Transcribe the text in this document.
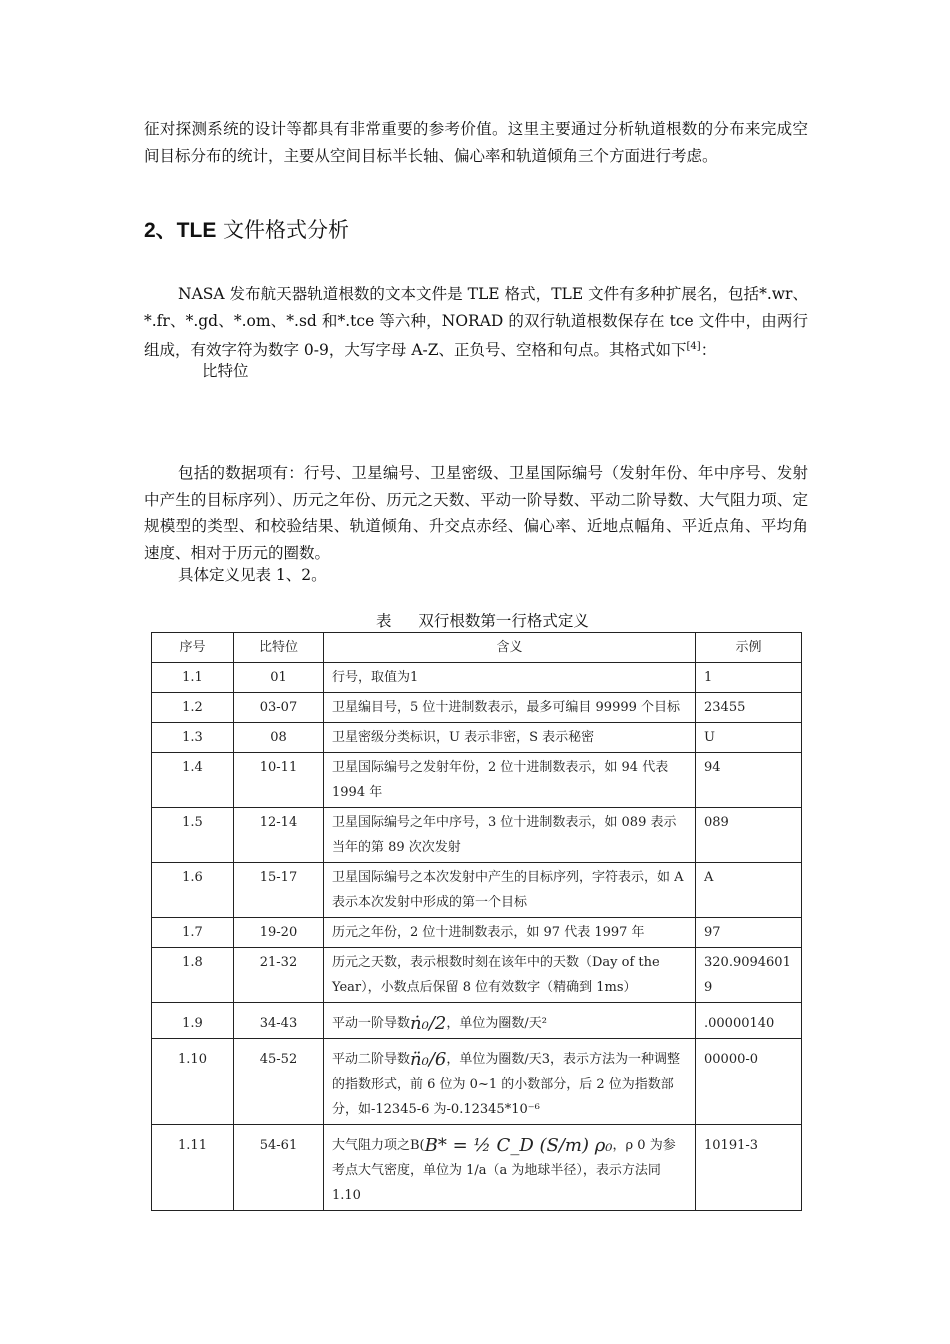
征对探测系统的设计等都具有非常重要的参考价值。这里主要通过分析轨道根数的分布来完成空间目标分布的统计，主要从空间目标半长轴、偏心率和轨道倾角三个方面进行考虑。

2、TLE 文件格式分析

NASA 发布航天器轨道根数的文本文件是 TLE 格式，TLE 文件有多种扩展名，包括*.wr、*.fr、*.gd、*.om、*.sd 和*.tce 等六种，NORAD 的双行轨道根数保存在 tce 文件中，由两行组成，有效字符为数字 0-9，大写字母 A-Z、正负号、空格和句点。其格式如下[4]：

比特位

包括的数据项有：行号、卫星编号、卫星密级、卫星国际编号（发射年份、年中序号、发射中产生的目标序列）、历元之年份、历元之天数、平动一阶导数、平动二阶导数、大气阻力项、定规模型的类型、和校验结果、轨道倾角、升交点赤经、偏心率、近地点幅角、平近点角、平均角速度、相对于历元的圈数。

具体定义见表 1、2。

表 双行根数第一行格式定义

序号	比特位	含义	示例
1.1	01	行号，取值为1	1
1.2	03-07	卫星编目号，5 位十进制数表示，最多可编目 99999 个目标	23455
1.3	08	卫星密级分类标识，U 表示非密，S 表示秘密	U
1.4	10-11	卫星国际编号之发射年份，2 位十进制数表示，如 94 代表1994 年	94
1.5	12-14	卫星国际编号之年中序号，3 位十进制数表示，如 089 表示当年的第 89 次次发射	089
1.6	15-17	卫星国际编号之本次发射中产生的目标序列，字符表示，如 A 表示本次发射中形成的第一个目标	A
1.7	19-20	历元之年份，2 位十进制数表示，如 97 代表 1997 年	97
1.8	21-32	历元之天数，表示根数时刻在该年中的天数（Day of the Year），小数点后保留 8 位有效数字（精确到 1ms）	320.90946019
1.9	34-43	平动一阶导数ṅ₀/2，单位为圈数/天²	.00000140
1.10	45-52	平动二阶导数n̈₀/6，单位为圈数/天3，表示方法为一种调整的指数形式，前 6 位为 0~1 的小数部分，后 2 位为指数部分，如-12345-6 为-0.12345*10⁻⁶	00000-0
1.11	54-61	大气阻力项之B(B* = ½ C_D (S/m) ρ₀，ρ 0 为参考点大气密度，单位为 1/a（a 为地球半径），表示方法同 1.10	10191-3
